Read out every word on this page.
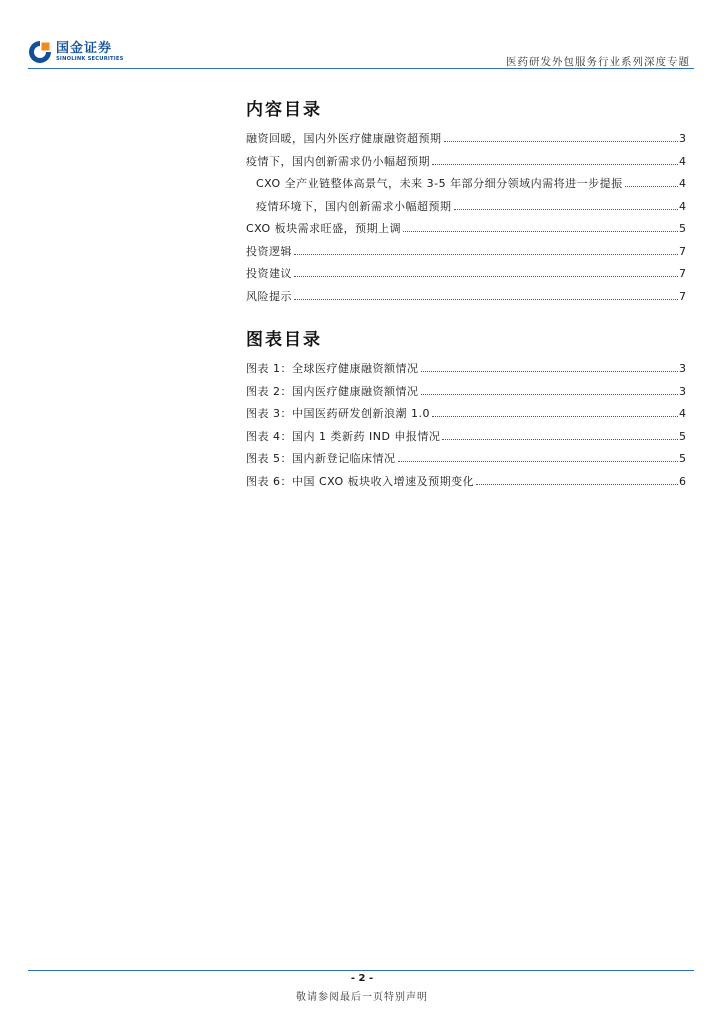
国金证券
SINOLINK SECURITIES	医药研发外包服务行业系列深度专题
内容目录
融资回暖，国内外医疗健康融资超预期	3
疫情下，国内创新需求仍小幅超预期	4
CXO 全产业链整体高景气，未来 3-5 年部分细分领域内需将进一步提振	4
疫情环境下，国内创新需求小幅超预期	4
CXO 板块需求旺盛，预期上调	5
投资逻辑	7
投资建议	7
风险提示	7
图表目录
图表 1：全球医疗健康融资额情况	3
图表 2：国内医疗健康融资额情况	3
图表 3：中国医药研发创新浪潮 1.0	4
图表 4：国内 1 类新药 IND 申报情况	5
图表 5：国内新登记临床情况	5
图表 6：中国 CXO 板块收入增速及预期变化	6
- 2 -
敬请参阅最后一页特别声明
